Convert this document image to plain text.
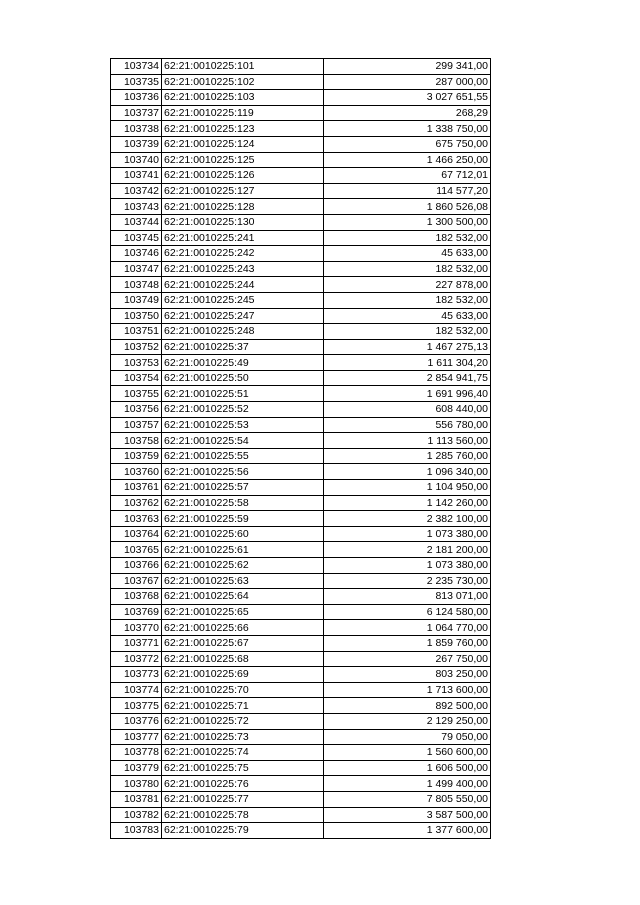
103734	62:21:0010225:101	299 341,00
103735	62:21:0010225:102	287 000,00
103736	62:21:0010225:103	3 027 651,55
103737	62:21:0010225:119	268,29
103738	62:21:0010225:123	1 338 750,00
103739	62:21:0010225:124	675 750,00
103740	62:21:0010225:125	1 466 250,00
103741	62:21:0010225:126	67 712,01
103742	62:21:0010225:127	114 577,20
103743	62:21:0010225:128	1 860 526,08
103744	62:21:0010225:130	1 300 500,00
103745	62:21:0010225:241	182 532,00
103746	62:21:0010225:242	45 633,00
103747	62:21:0010225:243	182 532,00
103748	62:21:0010225:244	227 878,00
103749	62:21:0010225:245	182 532,00
103750	62:21:0010225:247	45 633,00
103751	62:21:0010225:248	182 532,00
103752	62:21:0010225:37	1 467 275,13
103753	62:21:0010225:49	1 611 304,20
103754	62:21:0010225:50	2 854 941,75
103755	62:21:0010225:51	1 691 996,40
103756	62:21:0010225:52	608 440,00
103757	62:21:0010225:53	556 780,00
103758	62:21:0010225:54	1 113 560,00
103759	62:21:0010225:55	1 285 760,00
103760	62:21:0010225:56	1 096 340,00
103761	62:21:0010225:57	1 104 950,00
103762	62:21:0010225:58	1 142 260,00
103763	62:21:0010225:59	2 382 100,00
103764	62:21:0010225:60	1 073 380,00
103765	62:21:0010225:61	2 181 200,00
103766	62:21:0010225:62	1 073 380,00
103767	62:21:0010225:63	2 235 730,00
103768	62:21:0010225:64	813 071,00
103769	62:21:0010225:65	6 124 580,00
103770	62:21:0010225:66	1 064 770,00
103771	62:21:0010225:67	1 859 760,00
103772	62:21:0010225:68	267 750,00
103773	62:21:0010225:69	803 250,00
103774	62:21:0010225:70	1 713 600,00
103775	62:21:0010225:71	892 500,00
103776	62:21:0010225:72	2 129 250,00
103777	62:21:0010225:73	79 050,00
103778	62:21:0010225:74	1 560 600,00
103779	62:21:0010225:75	1 606 500,00
103780	62:21:0010225:76	1 499 400,00
103781	62:21:0010225:77	7 805 550,00
103782	62:21:0010225:78	3 587 500,00
103783	62:21:0010225:79	1 377 600,00
